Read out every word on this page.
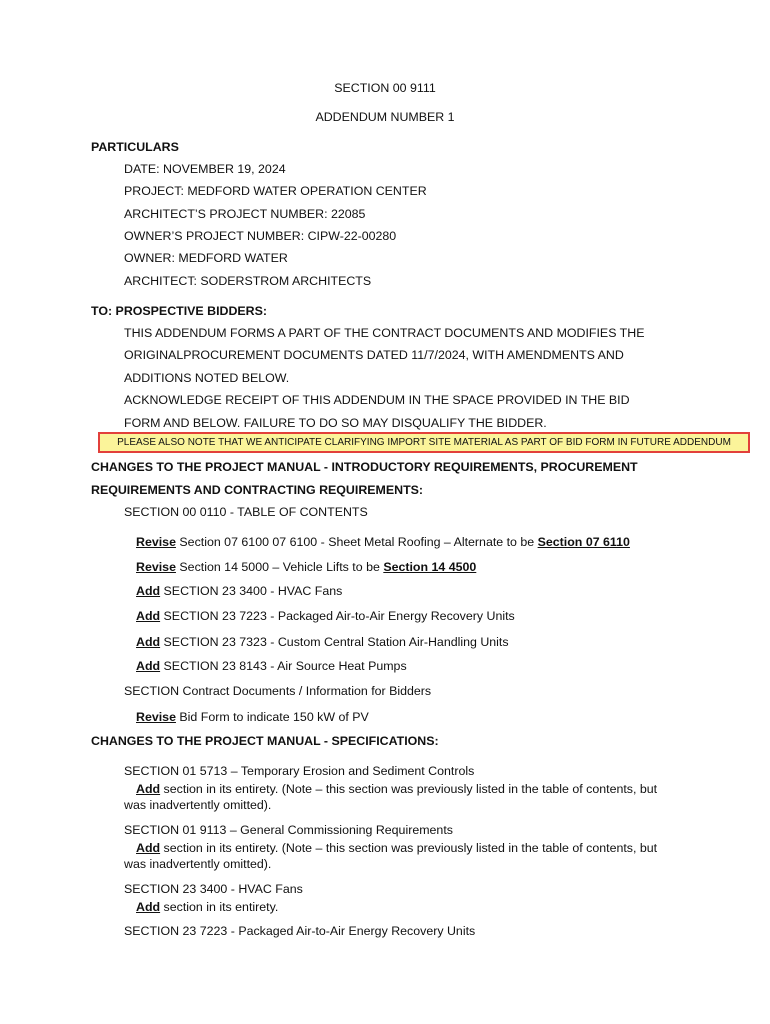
SECTION 00 9111
ADDENDUM NUMBER 1
PARTICULARS
DATE: NOVEMBER 19, 2024
PROJECT: MEDFORD WATER OPERATION CENTER
ARCHITECT’S PROJECT NUMBER: 22085
OWNER’S PROJECT NUMBER: CIPW-22-00280
OWNER: MEDFORD WATER
ARCHITECT: SODERSTROM ARCHITECTS
TO: PROSPECTIVE BIDDERS:
THIS ADDENDUM FORMS A PART OF THE CONTRACT DOCUMENTS AND MODIFIES THE
ORIGINALPROCUREMENT DOCUMENTS DATED 11/7/2024, WITH AMENDMENTS AND
ADDITIONS NOTED BELOW.
ACKNOWLEDGE RECEIPT OF THIS ADDENDUM IN THE SPACE PROVIDED IN THE BID
FORM AND BELOW. FAILURE TO DO SO MAY DISQUALIFY THE BIDDER.
PLEASE ALSO NOTE THAT WE ANTICIPATE CLARIFYING IMPORT SITE MATERIAL AS PART OF BID FORM IN FUTURE ADDENDUM
CHANGES TO THE PROJECT MANUAL - INTRODUCTORY REQUIREMENTS, PROCUREMENT
REQUIREMENTS AND CONTRACTING REQUIREMENTS:
SECTION 00 0110 - TABLE OF CONTENTS
Revise Section 07 6100 07 6100 - Sheet Metal Roofing – Alternate to be Section 07 6110
Revise Section 14 5000 – Vehicle Lifts to be Section 14 4500
Add SECTION 23 3400 - HVAC Fans
Add SECTION 23 7223 - Packaged Air-to-Air Energy Recovery Units
Add SECTION 23 7323 - Custom Central Station Air-Handling Units
Add SECTION 23 8143 - Air Source Heat Pumps
SECTION Contract Documents / Information for Bidders
Revise Bid Form to indicate 150 kW of PV
CHANGES TO THE PROJECT MANUAL - SPECIFICATIONS:
SECTION 01 5713 – Temporary Erosion and Sediment Controls
Add section in its entirety. (Note – this section was previously listed in the table of contents, but
was inadvertently omitted).
SECTION 01 9113 – General Commissioning Requirements
Add section in its entirety. (Note – this section was previously listed in the table of contents, but
was inadvertently omitted).
SECTION 23 3400 - HVAC Fans
Add section in its entirety.
SECTION 23 7223 - Packaged Air-to-Air Energy Recovery Units
